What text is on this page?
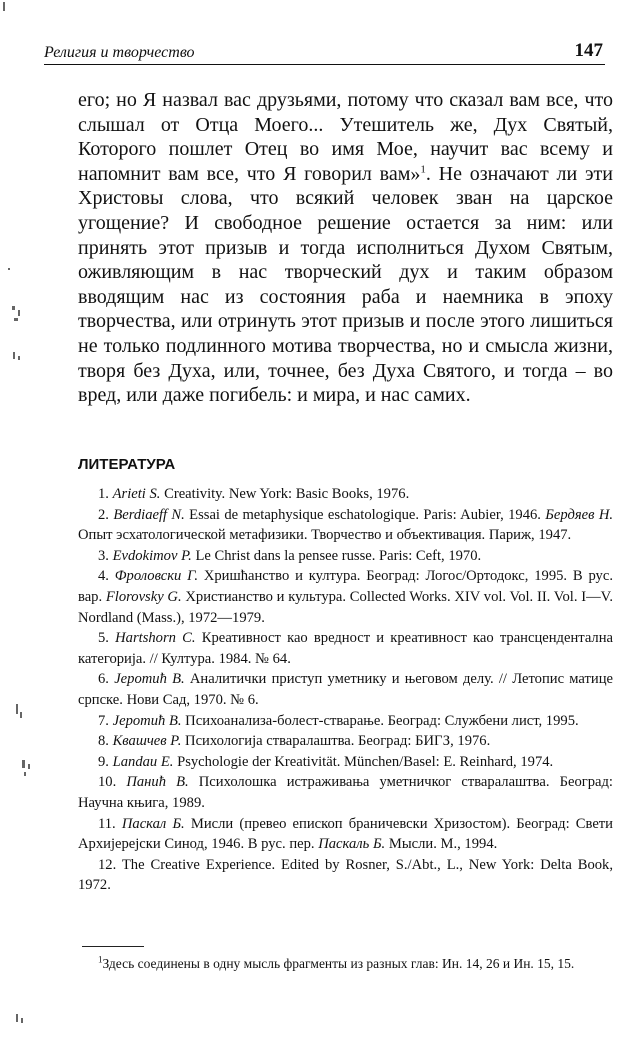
Религия и творчество	147
его; но Я назвал вас друзьями, потому что сказал вам все, что слышал от Отца Моего... Утешитель же, Дух Святый, Которого пошлет Отец во имя Мое, научит вас всему и напомнит вам все, что Я говорил вам»$^1$. Не означают ли эти Христовы слова, что всякий человек зван на царское угощение? И свободное решение остается за ним: или принять этот призыв и тогда исполниться Духом Святым, оживляющим в нас творческий дух и таким образом вводящим нас из состояния раба и наемника в эпоху творчества, или отринуть этот призыв и после этого лишиться не только подлинного мотива творчества, но и смысла жизни, творя без Духа, или, точнее, без Духа Святого, и тогда – во вред, или даже погибель: и мира, и нас самих.
ЛИТЕРАТУРА
1. Arieti S. Creativity. New York: Basic Books, 1976.
2. Berdiaeff N. Essai de metaphysique eschatologique. Paris: Aubier, 1946. Бердяев Н. Опыт эсхатологической метафизики. Творчество и объективация. Париж, 1947.
3. Evdokimov P. Le Christ dans la pensee russe. Paris: Ceft, 1970.
4. Фроловски Г. Хришћанство и култура. Београд: Логос/Ортодокс, 1995. В рус. вар. Florovsky G. Христианство и культура. Collected Works. XIV vol. Vol. II. Vol. I—V. Nordland (Mass.), 1972—1979.
5. Hartshorn C. Креативност као вредност и креативност као трансцендентална категорија. // Култура. 1984. № 64.
6. Јеротић В. Аналитички приступ уметнику и његовом делу. // Летопис матице српске. Нови Сад, 1970. № 6.
7. Јеротић В. Психоанализа-болест-стварање. Београд: Службени лист, 1995.
8. Квашчев Р. Психологија стваралаштва. Београд: БИГЗ, 1976.
9. Landau E. Psychologie der Kreativität. München/Basel: E. Reinhard, 1974.
10. Панић В. Психолошка истраживања уметничког стваралаштва. Београд: Научна књига, 1989.
11. Паскал Б. Мисли (превео епископ браничевски Хризостом). Београд: Свети Архијерејски Синод, 1946. В рус. пер. Паскаль Б. Мысли. М., 1994.
12. The Creative Experience. Edited by Rosner, S./Abt., L., New York: Delta Book, 1972.
$^1$Здесь соединены в одну мысль фрагменты из разных глав: Ин. 14, 26 и Ин. 15, 15.
